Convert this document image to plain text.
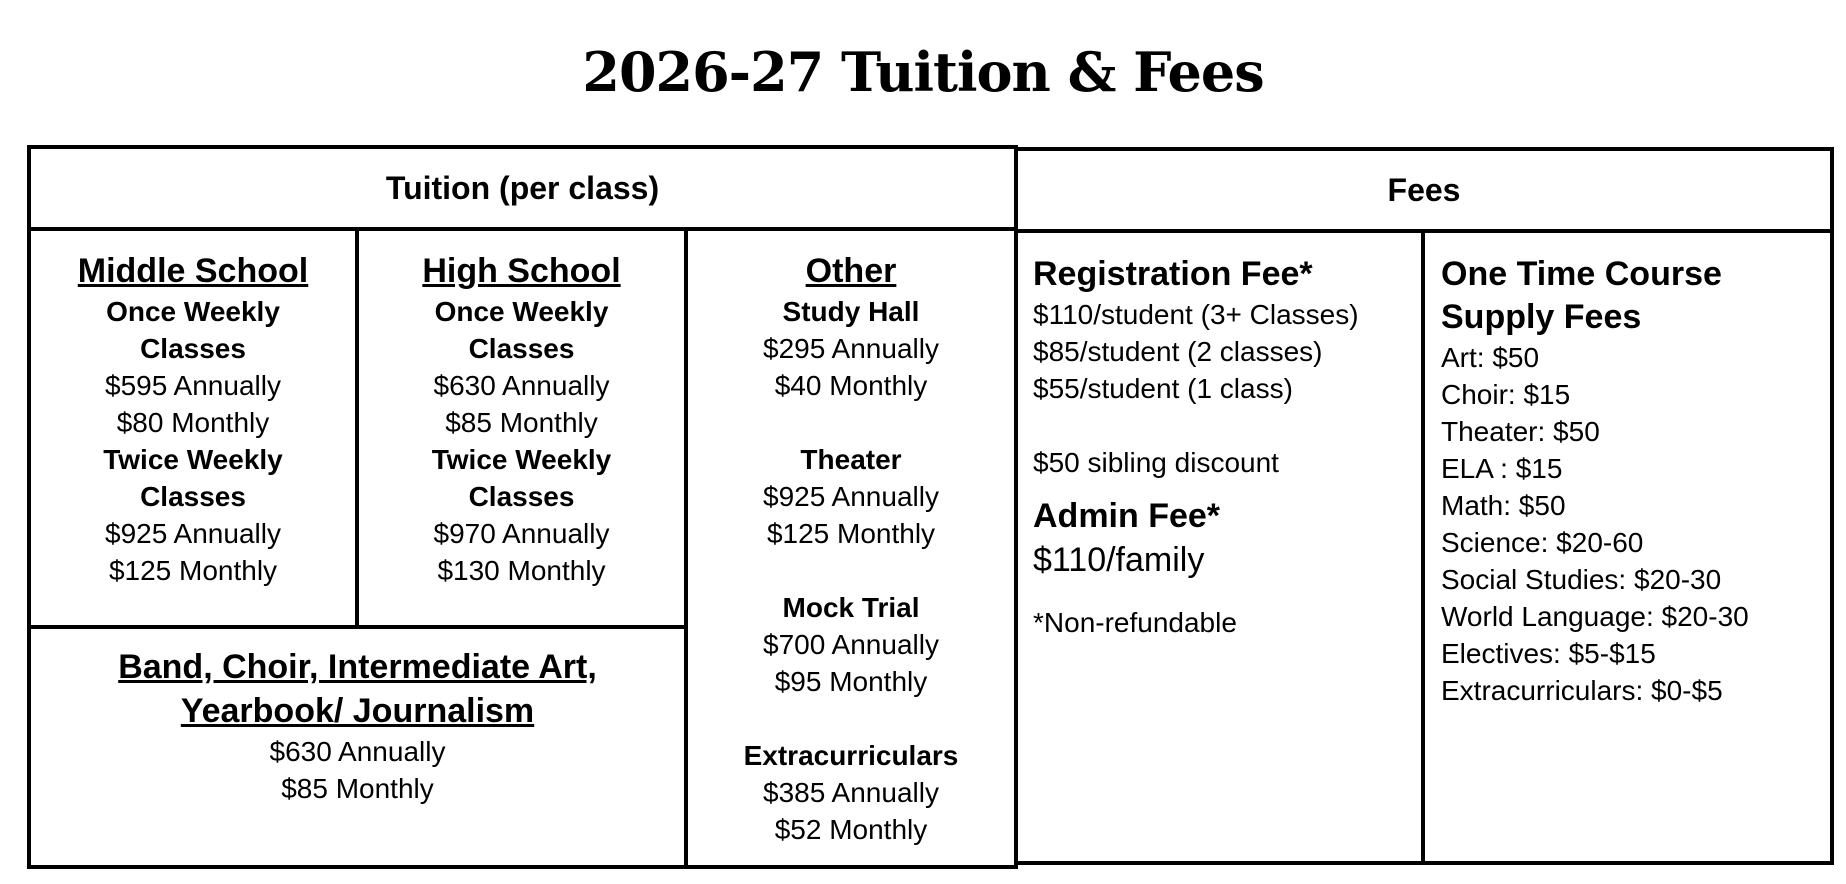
2026-27 Tuition & Fees
Tuition (per class)
Middle School
Once Weekly Classes
$595 Annually
$80 Monthly
Twice Weekly Classes
$925 Annually
$125 Monthly
High School
Once Weekly Classes
$630 Annually
$85 Monthly
Twice Weekly Classes
$970 Annually
$130 Monthly
Band, Choir, Intermediate Art, Yearbook/ Journalism
$630 Annually
$85 Monthly
Other
Study Hall
$295 Annually
$40 Monthly
Theater
$925 Annually
$125 Monthly
Mock Trial
$700 Annually
$95 Monthly
Extracurriculars
$385 Annually
$52 Monthly
Fees
Registration Fee*
$110/student (3+ Classes)
$85/student (2 classes)
$55/student (1 class)
$50 sibling discount
Admin Fee*
$110/family
*Non-refundable
One Time Course
Supply Fees
Art: $50
Choir: $15
Theater: $50
ELA : $15
Math: $50
Science: $20-60
Social Studies: $20-30
World Language: $20-30
Electives: $5-$15
Extracurriculars: $0-$5
